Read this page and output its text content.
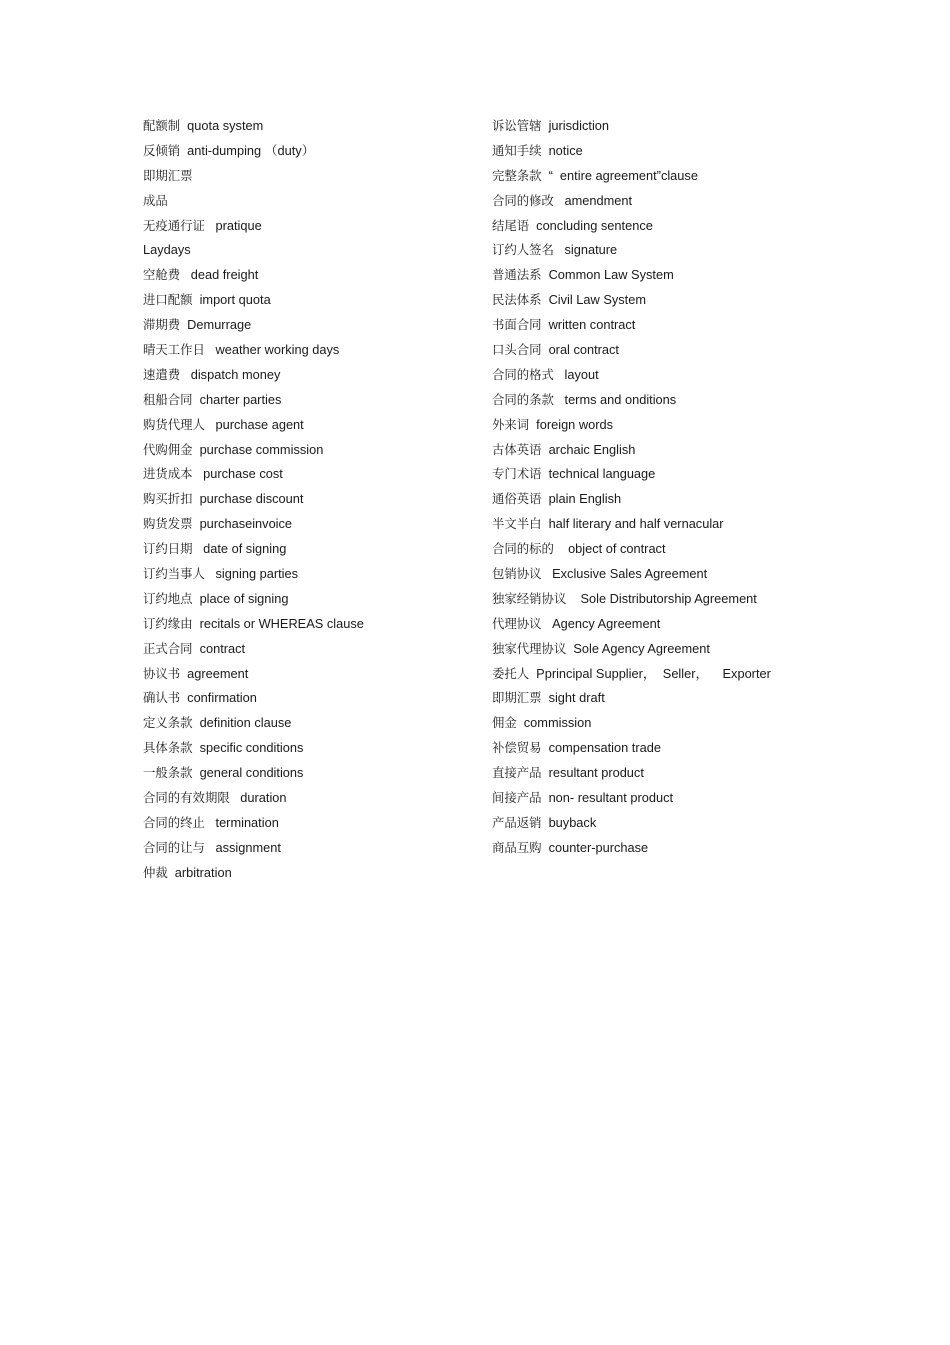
配额制 quota system
反倾销 anti-dumping （duty）
即期汇票
成品
无疫通行证 pratique
Laydays
空舱费 dead freight
进口配额 import quota
滞期费 Demurrage
晴天工作日 weather working days
速遣费 dispatch money
租船合同 charter parties
购货代理人 purchase agent
代购佣金 purchase commission
进货成本 purchase cost
购买折扣 purchase discount
购货发票 purchaseinvoice
订约日期 date of signing
订约当事人 signing parties
订约地点 place of signing
订约缘由 recitals or WHEREAS clause
正式合同 contract
协议书 agreement
确认书 confirmation
定义条款 definition clause
具体条款 specific conditions
一般条款 general conditions
合同的有效期限 duration
合同的终止 termination
合同的让与 assignment
仲裁 arbitration
诉讼管辖 jurisdiction
通知手续 notice
完整条款 “  entire agreement”clause
合同的修改 amendment
结尾语 concluding sentence
订约人签名 signature
普通法系 Common Law System
民法体系 Civil Law System
书面合同 written contract
口头合同 oral contract
合同的格式 layout
合同的条款 terms and onditions
外来词 foreign words
古体英语 archaic English
专门术语 technical language
通俗英语 plain English
半文半白 half literary and half vernacular
合同的标的  object of contract
包销协议 Exclusive Sales Agreement
独家经销协议  Sole Distributorship Agreement
代理协议 Agency Agreement
独家代理协议 Sole Agency Agreement
委托人 Pprincipal Supplier，  Seller，    Exporter
即期汇票 sight draft
佣金 commission
补偿贸易 compensation trade
直接产品 resultant product
间接产品 non- resultant product
产品返销 buyback
商品互购 counter-purchase
